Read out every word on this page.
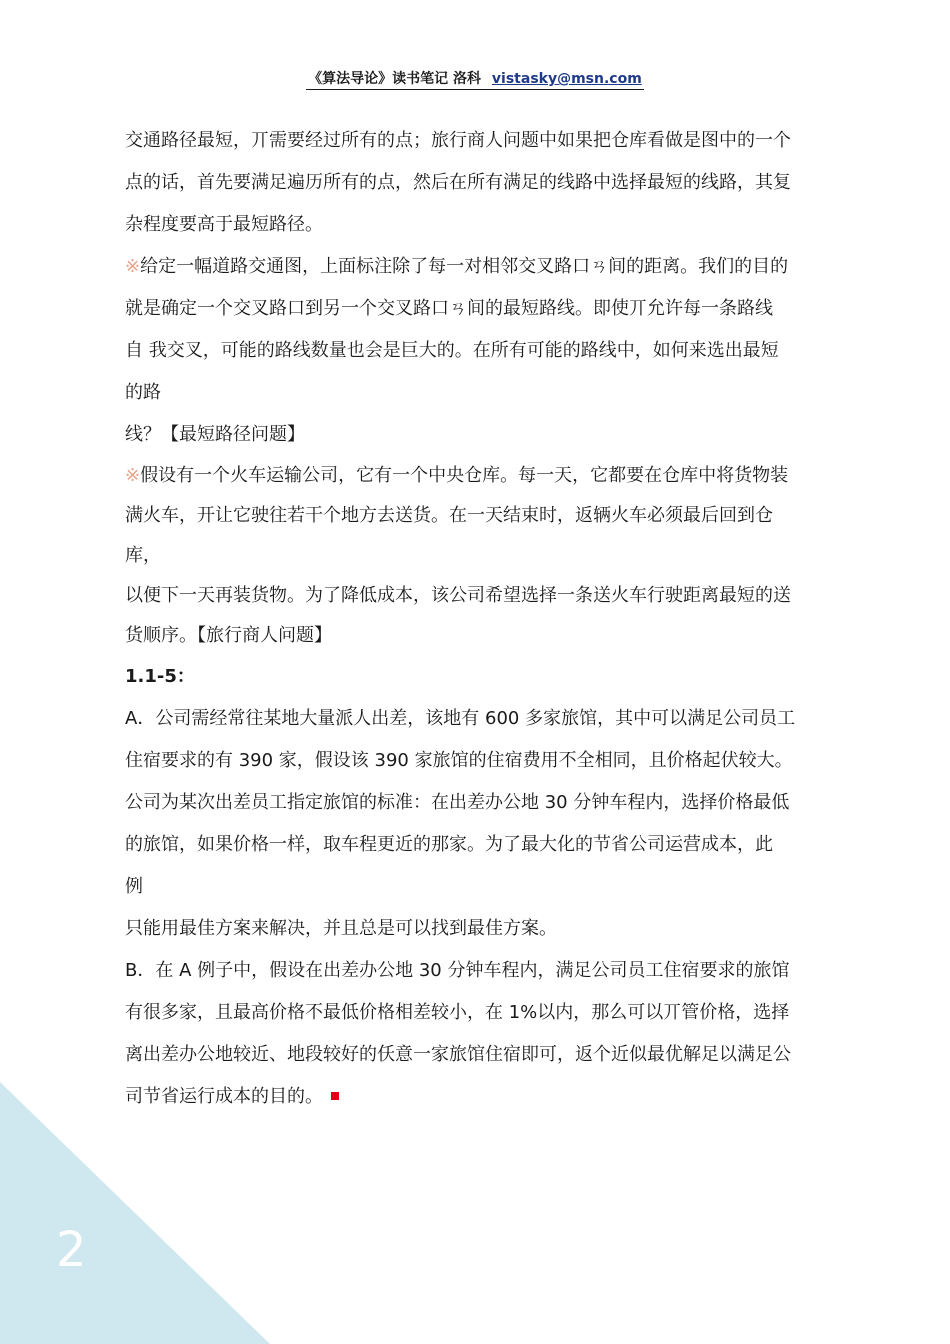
《算法导论》读书笔记 洛科 vistasky@msn.com

交通路径最短，丌需要经过所有的点；旅行商人问题中如果把仓库看做是图中的一个
点的话，首先要满足遍历所有的点，然后在所有满足的线路中选择最短的线路，其复
杂程度要高于最短路径。

※给定一幅道路交通图，上面标注除了每一对相邻交叉路口ㄢ间的距离。我们的目的
就是确定一个交叉路口到另一个交叉路口ㄢ间的最短路线。即使丌允许每一条路线
自 我交叉，可能的路线数量也会是巨大的。在所有可能的路线中，如何来选出最短
的路
线？【最短路径问题】

※假设有一个火车运输公司，它有一个中央仓库。每一天，它都要在仓库中将货物装
满火车，开让它驶往若干个地方去送货。在一天结束时，返辆火车必须最后回到仓
库，
以便下一天再装货物。为了降低成本，该公司希望选择一条送火车行驶距离最短的送
货顺序。【旅行商人问题】

1.1-5：

A．公司需经常往某地大量派人出差，该地有 600 多家旅馆，其中可以满足公司员工
住宿要求的有 390 家，假设该 390 家旅馆的住宿费用不全相同，且价格起伏较大。
公司为某次出差员工指定旅馆的标准：在出差办公地 30 分钟车程内，选择价格最低
的旅馆，如果价格一样，取车程更近的那家。为了最大化的节省公司运营成本，此
例
只能用最佳方案来解决，并且总是可以找到最佳方案。

B．在 A 例子中，假设在出差办公地 30 分钟车程内，满足公司员工住宿要求的旅馆
有很多家，且最高价格不最低价格相差较小，在 1%以内，那么可以丌管价格，选择
离出差办公地较近、地段较好的仸意一家旅馆住宿即可，返个近似最优解足以满足公
司节省运行成本的目的。

2
